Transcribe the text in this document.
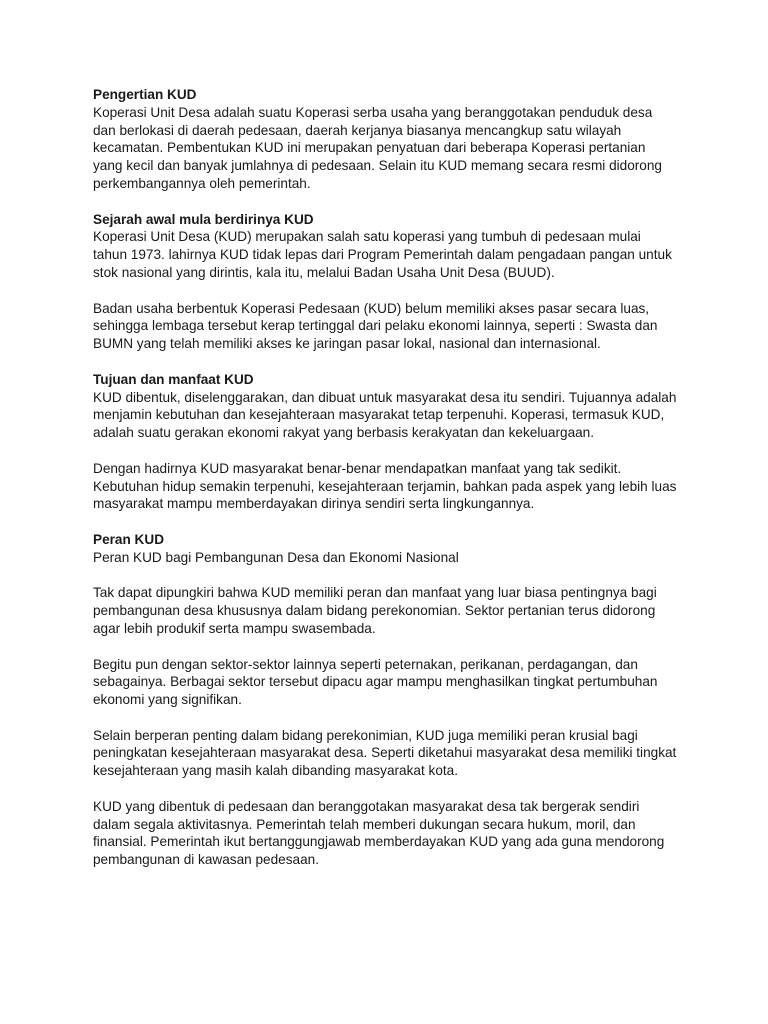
Pengertian KUD

Koperasi Unit Desa adalah suatu Koperasi serba usaha yang beranggotakan penduduk desa dan berlokasi di daerah pedesaan, daerah kerjanya biasanya mencangkup satu wilayah kecamatan. Pembentukan KUD ini merupakan penyatuan dari beberapa Koperasi pertanian yang kecil dan banyak jumlahnya di pedesaan. Selain itu KUD memang secara resmi didorong perkembangannya oleh pemerintah.

Sejarah awal mula berdirinya KUD

Koperasi Unit Desa (KUD) merupakan salah satu koperasi yang tumbuh di pedesaan mulai tahun 1973. lahirnya KUD tidak lepas dari Program Pemerintah dalam pengadaan pangan untuk stok nasional yang dirintis, kala itu, melalui Badan Usaha Unit Desa (BUUD).

Badan usaha berbentuk Koperasi Pedesaan (KUD) belum memiliki akses pasar secara luas, sehingga lembaga tersebut kerap tertinggal dari pelaku ekonomi lainnya, seperti : Swasta dan BUMN yang telah memiliki akses ke jaringan pasar lokal, nasional dan internasional.

Tujuan dan manfaat KUD

KUD dibentuk, diselenggarakan, dan dibuat untuk masyarakat desa itu sendiri. Tujuannya adalah menjamin kebutuhan dan kesejahteraan masyarakat tetap terpenuhi. Koperasi, termasuk KUD, adalah suatu gerakan ekonomi rakyat yang berbasis kerakyatan dan kekeluargaan.

Dengan hadirnya KUD masyarakat benar-benar mendapatkan manfaat yang tak sedikit. Kebutuhan hidup semakin terpenuhi, kesejahteraan terjamin, bahkan pada aspek yang lebih luas masyarakat mampu memberdayakan dirinya sendiri serta lingkungannya.

Peran KUD

Peran KUD bagi Pembangunan Desa dan Ekonomi Nasional

Tak dapat dipungkiri bahwa KUD memiliki peran dan manfaat yang luar biasa pentingnya bagi pembangunan desa khususnya dalam bidang perekonomian. Sektor pertanian terus didorong agar lebih produkif serta mampu swasembada.

Begitu pun dengan sektor-sektor lainnya seperti peternakan, perikanan, perdagangan, dan sebagainya. Berbagai sektor tersebut dipacu agar mampu menghasilkan tingkat pertumbuhan ekonomi yang signifikan.

Selain berperan penting dalam bidang perekonimian, KUD juga memiliki peran krusial bagi peningkatan kesejahteraan masyarakat desa. Seperti diketahui masyarakat desa memiliki tingkat kesejahteraan yang masih kalah dibanding masyarakat kota.

KUD yang dibentuk di pedesaan dan beranggotakan masyarakat desa tak bergerak sendiri dalam segala aktivitasnya. Pemerintah telah memberi dukungan secara hukum, moril, dan finansial. Pemerintah ikut bertanggungjawab memberdayakan KUD yang ada guna mendorong pembangunan di kawasan pedesaan.
